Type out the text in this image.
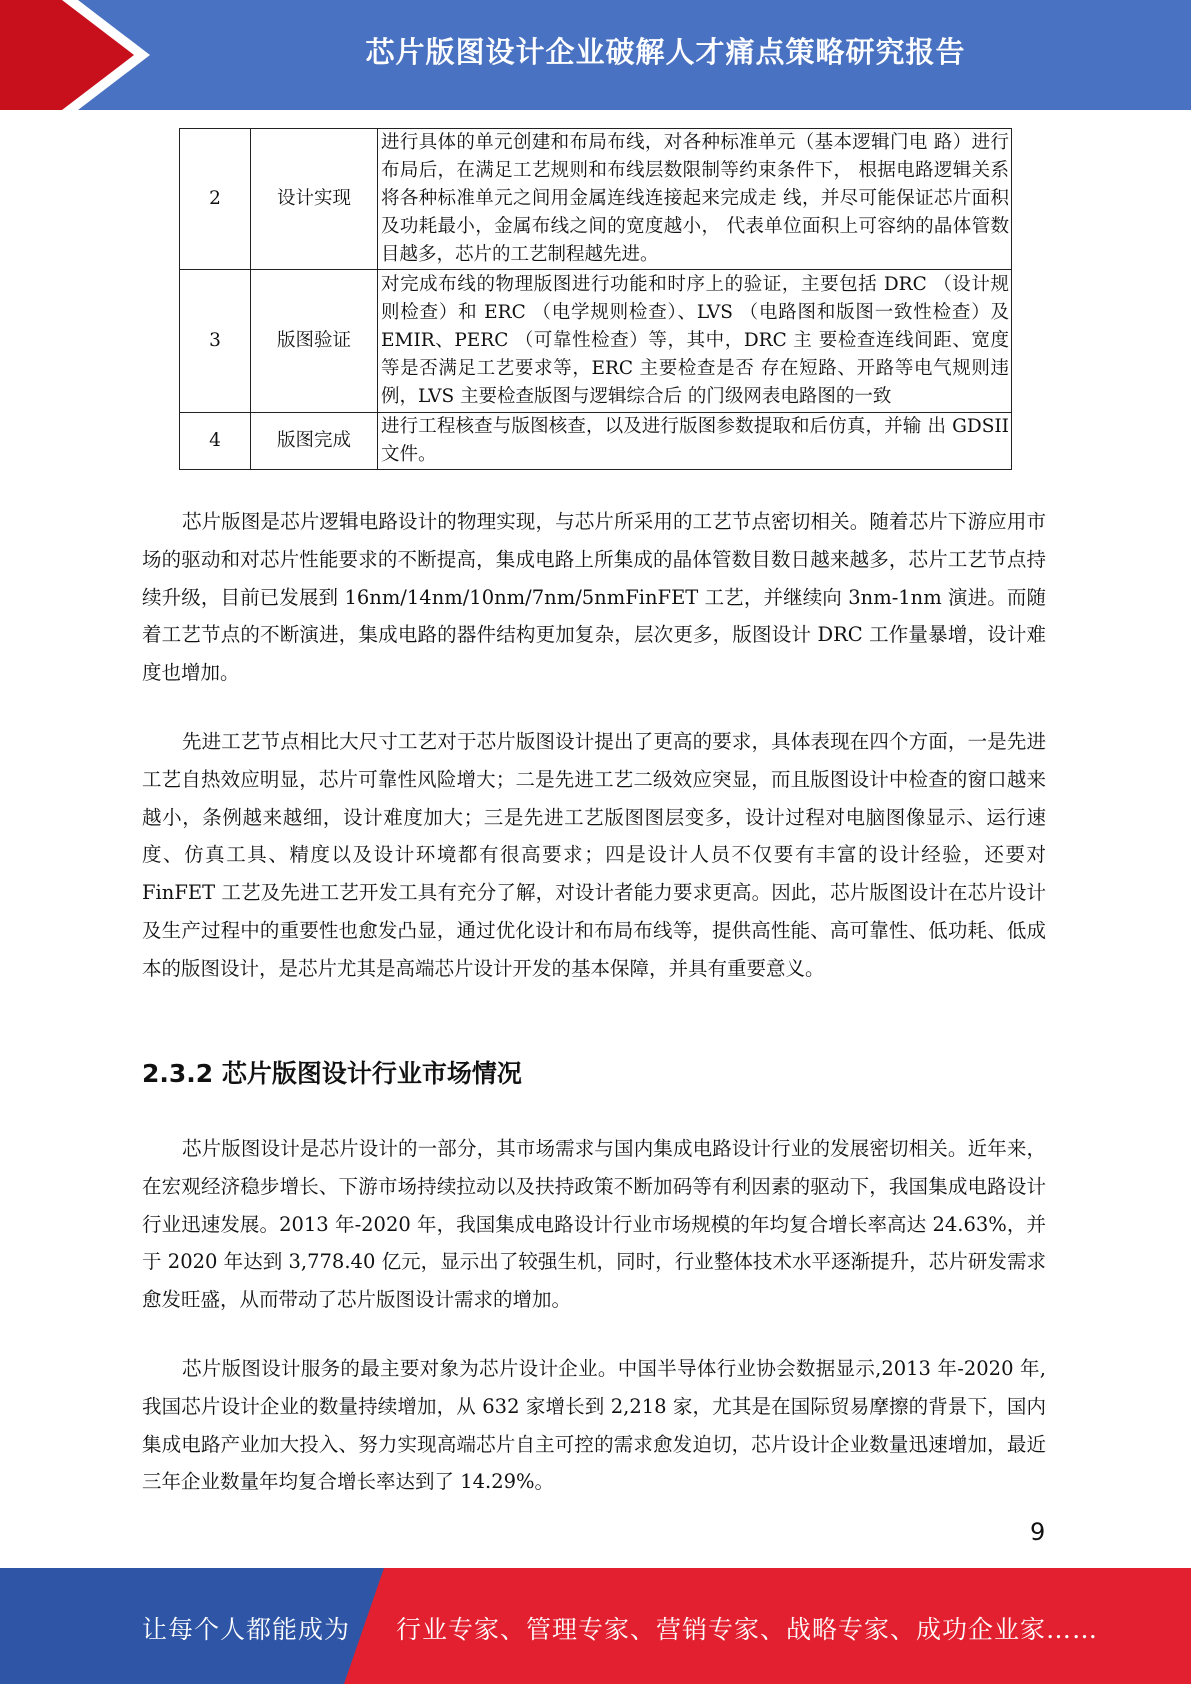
芯片版图设计企业破解人才痛点策略研究报告
2	设计实现	进行具体的单元创建和布局布线，对各种标准单元（基本逻辑门电 路）进行布局后，在满足工艺规则和布线层数限制等约束条件下， 根据电路逻辑关系将各种标准单元之间用金属连线连接起来完成走 线，并尽可能保证芯片面积及功耗最小，金属布线之间的宽度越小， 代表单位面积上可容纳的晶体管数目越多，芯片的工艺制程越先进。
3	版图验证	对完成布线的物理版图进行功能和时序上的验证，主要包括 DRC （设计规则检查）和 ERC （电学规则检查）、LVS （电路图和版图一致性检查）及 EMIR、PERC （可靠性检查）等，其中，DRC 主 要检查连线间距、宽度等是否满足工艺要求等，ERC 主要检查是否 存在短路、开路等电气规则违例，LVS 主要检查版图与逻辑综合后 的门级网表电路图的一致
4	版图完成	进行工程核查与版图核查，以及进行版图参数提取和后仿真，并输 出 GDSII 文件。

芯片版图是芯片逻辑电路设计的物理实现，与芯片所采用的工艺节点密切相关。随着芯片下游应用市场的驱动和对芯片性能要求的不断提高，集成电路上所集成的晶体管数目数日越来越多，芯片工艺节点持续升级，目前已发展到 16nm/14nm/10nm/7nm/5nmFinFET 工艺，并继续向 3nm-1nm 演进。而随着工艺节点的不断演进，集成电路的器件结构更加复杂，层次更多，版图设计 DRC 工作量暴增，设计难度也增加。

先进工艺节点相比大尺寸工艺对于芯片版图设计提出了更高的要求，具体表现在四个方面，一是先进工艺自热效应明显，芯片可靠性风险增大；二是先进工艺二级效应突显，而且版图设计中检查的窗口越来越小，条例越来越细，设计难度加大；三是先进工艺版图图层变多，设计过程对电脑图像显示、运行速度、仿真工具、精度以及设计环境都有很高要求；四是设计人员不仅要有丰富的设计经验，还要对 FinFET 工艺及先进工艺开发工具有充分了解，对设计者能力要求更高。因此，芯片版图设计在芯片设计及生产过程中的重要性也愈发凸显，通过优化设计和布局布线等，提供高性能、高可靠性、低功耗、低成本的版图设计，是芯片尤其是高端芯片设计开发的基本保障，并具有重要意义。

2.3.2 芯片版图设计行业市场情况

芯片版图设计是芯片设计的一部分，其市场需求与国内集成电路设计行业的发展密切相关。近年来，在宏观经济稳步增长、下游市场持续拉动以及扶持政策不断加码等有利因素的驱动下，我国集成电路设计行业迅速发展。2013 年-2020 年，我国集成电路设计行业市场规模的年均复合增长率高达 24.63%，并于 2020 年达到 3,778.40 亿元，显示出了较强生机，同时，行业整体技术水平逐渐提升，芯片研发需求愈发旺盛，从而带动了芯片版图设计需求的增加。

芯片版图设计服务的最主要对象为芯片设计企业。中国半导体行业协会数据显示,2013 年-2020 年,我国芯片设计企业的数量持续增加，从 632 家增长到 2,218 家，尤其是在国际贸易摩擦的背景下，国内集成电路产业加大投入、努力实现高端芯片自主可控的需求愈发迫切，芯片设计企业数量迅速增加，最近三年企业数量年均复合增长率达到了 14.29%。

9
让每个人都能成为 行业专家、管理专家、营销专家、战略专家、成功企业家……
